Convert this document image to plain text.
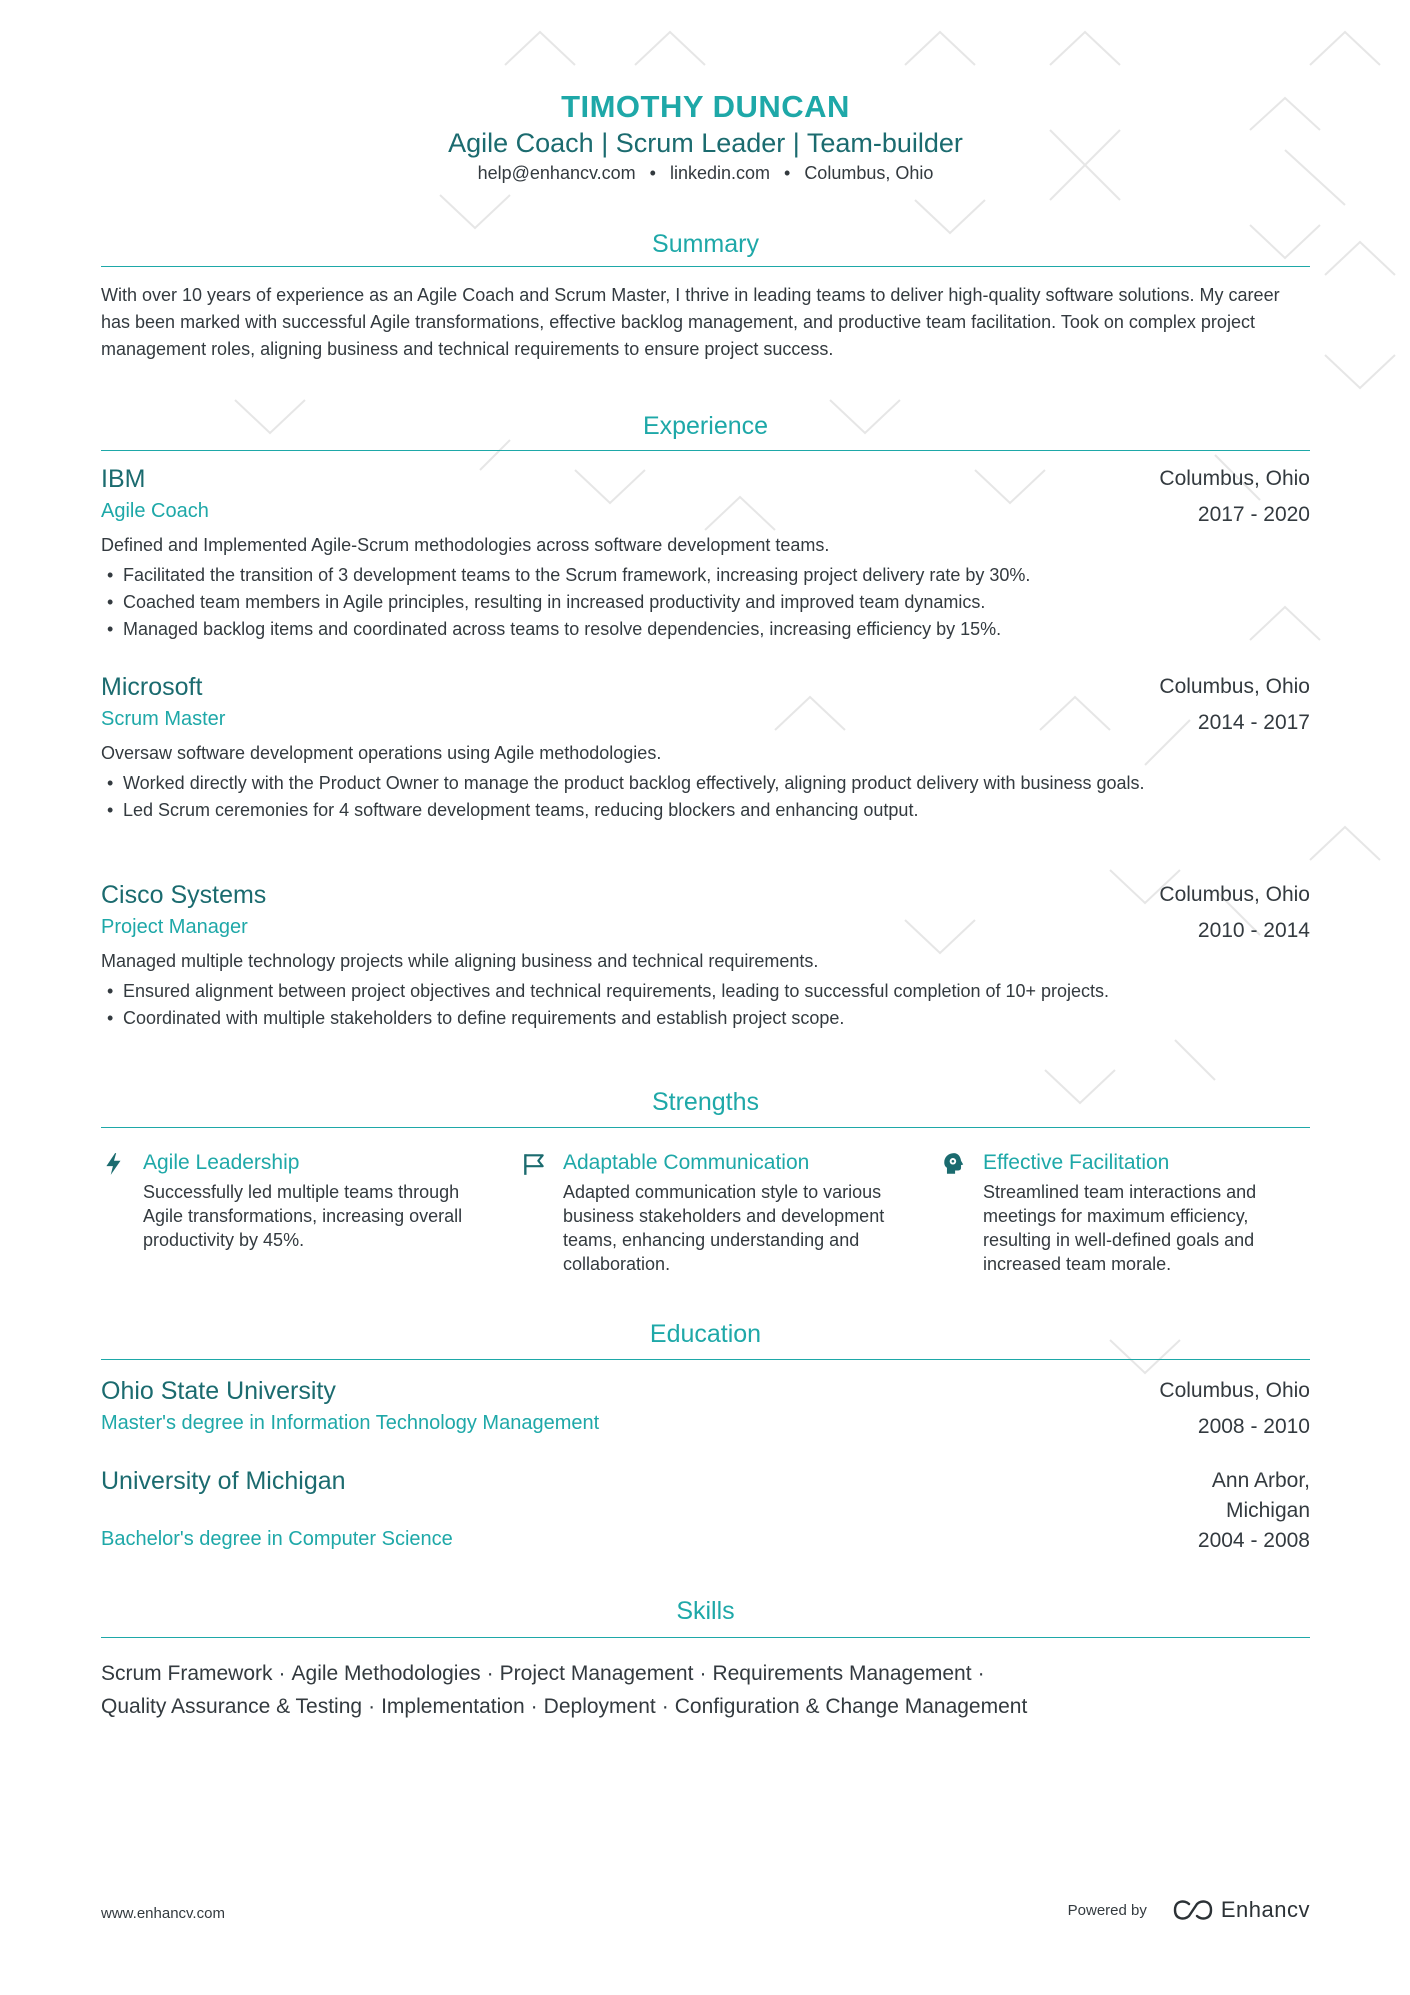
TIMOTHY DUNCAN
Agile Coach | Scrum Leader | Team-builder
help@enhancv.com • linkedin.com • Columbus, Ohio
Summary
With over 10 years of experience as an Agile Coach and Scrum Master, I thrive in leading teams to deliver high-quality software solutions. My career has been marked with successful Agile transformations, effective backlog management, and productive team facilitation. Took on complex project management roles, aligning business and technical requirements to ensure project success.
Experience
IBM
Agile Coach
Columbus, Ohio
2017 - 2020
Defined and Implemented Agile-Scrum methodologies across software development teams.
• Facilitated the transition of 3 development teams to the Scrum framework, increasing project delivery rate by 30%.
• Coached team members in Agile principles, resulting in increased productivity and improved team dynamics.
• Managed backlog items and coordinated across teams to resolve dependencies, increasing efficiency by 15%.
Microsoft
Scrum Master
Columbus, Ohio
2014 - 2017
Oversaw software development operations using Agile methodologies.
• Worked directly with the Product Owner to manage the product backlog effectively, aligning product delivery with business goals.
• Led Scrum ceremonies for 4 software development teams, reducing blockers and enhancing output.
Cisco Systems
Project Manager
Columbus, Ohio
2010 - 2014
Managed multiple technology projects while aligning business and technical requirements.
• Ensured alignment between project objectives and technical requirements, leading to successful completion of 10+ projects.
• Coordinated with multiple stakeholders to define requirements and establish project scope.
Strengths
Agile Leadership
Successfully led multiple teams through Agile transformations, increasing overall productivity by 45%.
Adaptable Communication
Adapted communication style to various business stakeholders and development teams, enhancing understanding and collaboration.
Effective Facilitation
Streamlined team interactions and meetings for maximum efficiency, resulting in well-defined goals and increased team morale.
Education
Ohio State University
Master's degree in Information Technology Management
Columbus, Ohio
2008 - 2010
University of Michigan
Bachelor's degree in Computer Science
Ann Arbor,
Michigan
2004 - 2008
Skills
Scrum Framework · Agile Methodologies · Project Management · Requirements Management ·
Quality Assurance & Testing · Implementation · Deployment · Configuration & Change Management
www.enhancv.com	Powered by	Enhancv
